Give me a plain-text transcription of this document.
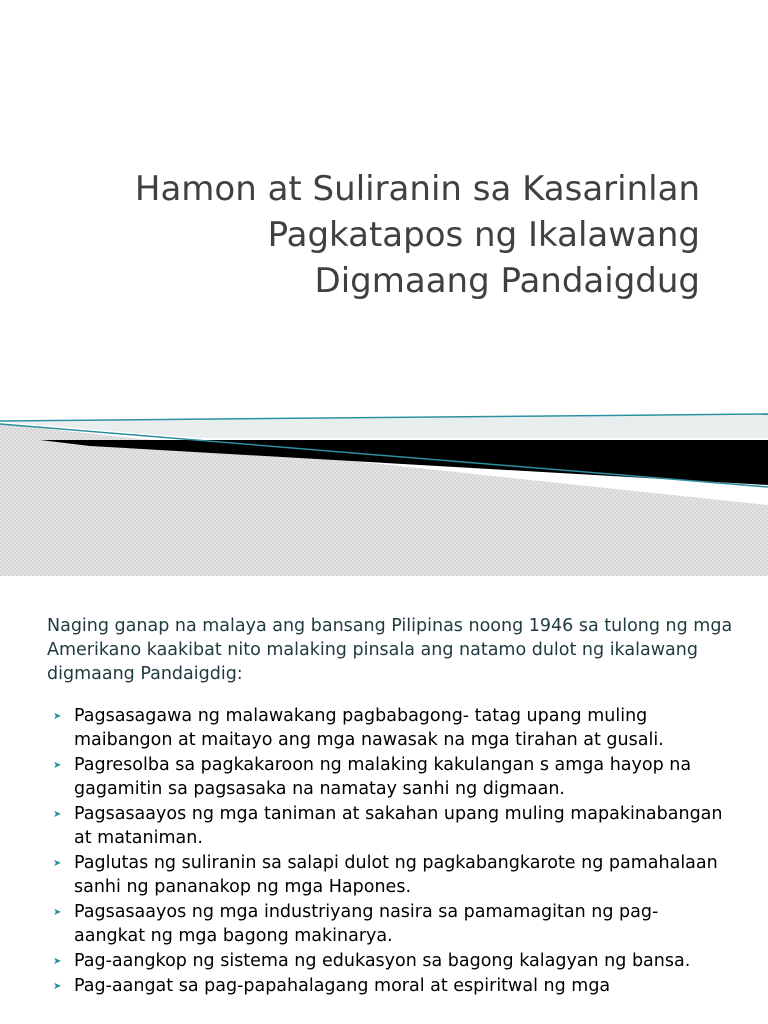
Hamon at Suliranin sa Kasarinlan
Pagkatapos ng Ikalawang
Digmaang Pandaigdug

Naging ganap na malaya ang bansang Pilipinas noong 1946 sa tulong ng mga Amerikano kaakibat nito malaking pinsala ang natamo dulot ng ikalawang digmaang Pandaigdig:

➤ Pagsasagawa ng malawakang pagbabagong- tatag upang muling maibangon at maitayo ang mga nawasak na mga tirahan at gusali.
➤ Pagresolba sa pagkakaroon ng malaking kakulangan s amga hayop na gagamitin sa pagsasaka na namatay sanhi ng digmaan.
➤ Pagsasaayos ng mga taniman at sakahan upang muling mapakinabangan at mataniman.
➤ Paglutas ng suliranin sa salapi dulot ng pagkabangkarote ng pamahalaan sanhi ng pananakop ng mga Hapones.
➤ Pagsasaayos ng mga industriyang nasira sa pamamagitan ng pag-aangkat ng mga bagong makinarya.
➤ Pag-aangkop ng sistema ng edukasyon sa bagong kalagyan ng bansa.
➤ Pag-aangat sa pag-papahalagang moral at espiritwal ng mga
